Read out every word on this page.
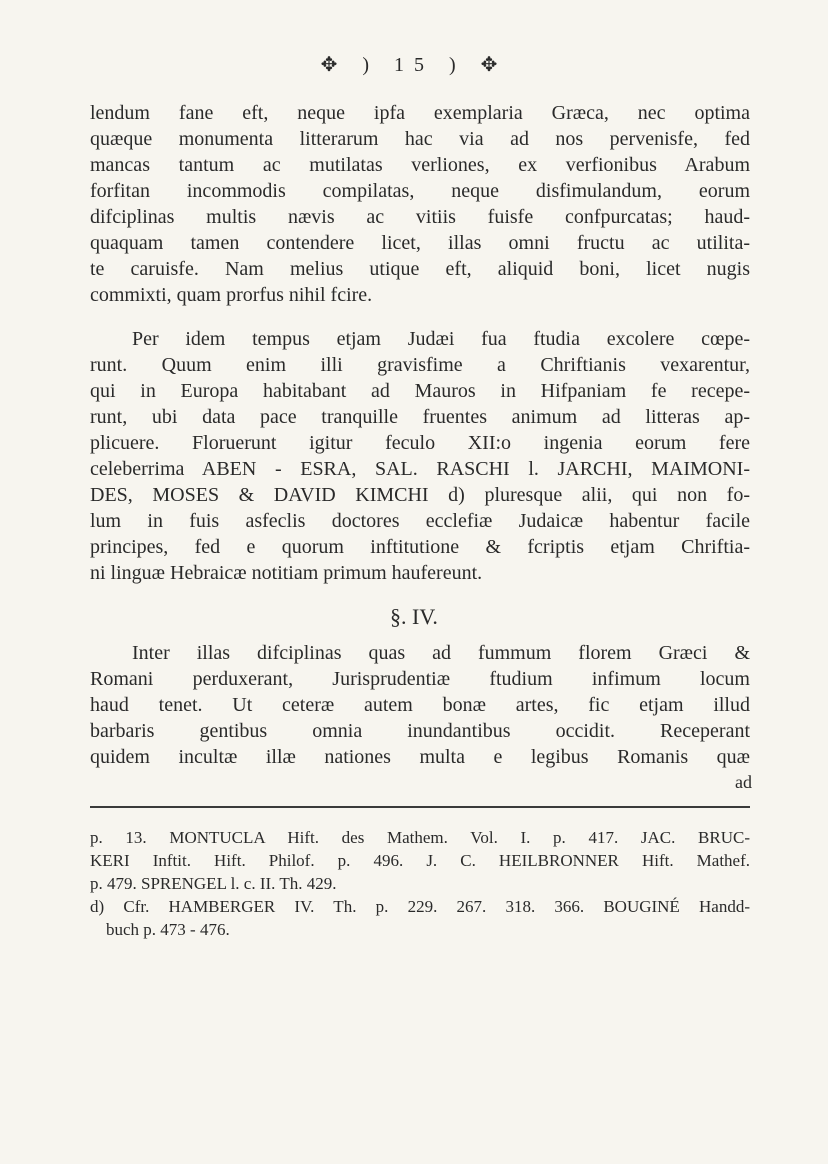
✥ ) 15 ) ✥
lendum fane eft, neque ipfa exemplaria Græca, nec optima
quæque monumenta litterarum hac via ad nos pervenisfe, fed
mancas tantum ac mutilatas verliones, ex verfionibus Arabum
forfitan incommodis compilatas, neque disfimulandum, eorum
difciplinas multis nævis ac vitiis fuisfe confpurcatas; haud-
quaquam tamen contendere licet, illas omni fructu ac utilita-
te caruisfe. Nam melius utique eft, aliquid boni, licet nugis
commixti, quam prorfus nihil fcire.
Per idem tempus etjam Judæi fua ftudia excolere cœpe-
runt. Quum enim illi gravisfime a Chriftianis vexarentur,
qui in Europa habitabant ad Mauros in Hifpaniam fe recepe-
runt, ubi data pace tranquille fruentes animum ad litteras ap-
plicuere. Floruerunt igitur feculo XII:o ingenia eorum fere
celeberrima ABEN - ESRA, SAL. RASCHI l. JARCHI, MAIMONI-
DES, MOSES & DAVID KIMCHI d) pluresque alii, qui non fo-
lum in fuis asfeclis doctores ecclefiæ Judaicæ habentur facile
principes, fed e quorum inftitutione & fcriptis etjam Chriftia-
ni linguæ Hebraicæ notitiam primum haufereunt.
§. IV.
Inter illas difciplinas quas ad fummum florem Græci &
Romani perduxerant, Jurisprudentiæ ftudium infimum locum
haud tenet. Ut ceteræ autem bonæ artes, fic etjam illud
barbaris gentibus omnia inundantibus occidit. Receperant
quidem incultæ illæ nationes multa e legibus Romanis quæ
ad
p. 13. MONTUCLA Hift. des Mathem. Vol. I. p. 417. JAC. BRUC-
KERI Inftit. Hift. Philof. p. 496. J. C. HEILBRONNER Hift. Mathef.
p. 479. SPRENGEL l. c. II. Th. 429.
d) Cfr. HAMBERGER IV. Th. p. 229. 267. 318. 366. BOUGINÉ Handd-
buch p. 473 - 476.
